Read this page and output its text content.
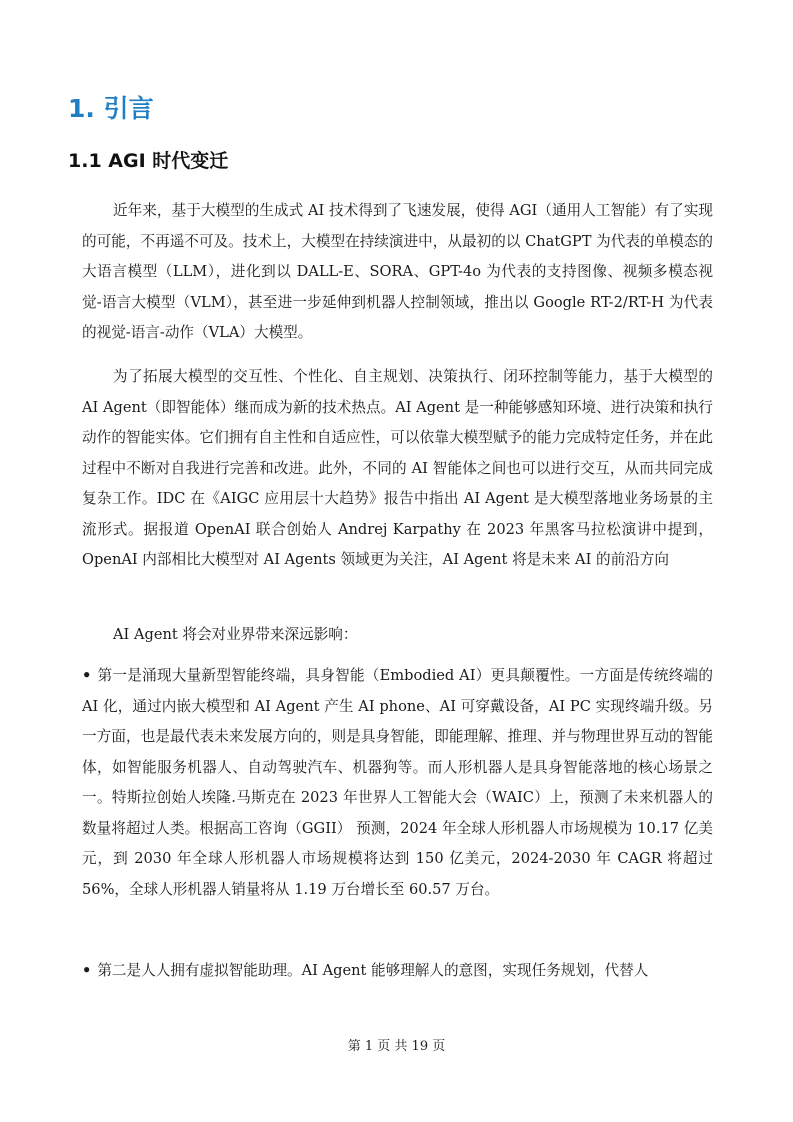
1. 引言
1.1 AGI 时代变迁

近年来，基于大模型的生成式 AI 技术得到了飞速发展，使得 AGI（通用人工智能）有了实现的可能，不再遥不可及。技术上，大模型在持续演进中，从最初的以 ChatGPT 为代表的单模态的大语言模型（LLM），进化到以 DALL-E、SORA、GPT-4o 为代表的支持图像、视频多模态视觉-语言大模型（VLM），甚至进一步延伸到机器人控制领域，推出以 Google RT-2/RT-H 为代表的视觉-语言-动作（VLA）大模型。

为了拓展大模型的交互性、个性化、自主规划、决策执行、闭环控制等能力，基于大模型的 AI Agent（即智能体）继而成为新的技术热点。AI Agent 是一种能够感知环境、进行决策和执行动作的智能实体。它们拥有自主性和自适应性，可以依靠大模型赋予的能力完成特定任务，并在此过程中不断对自我进行完善和改进。此外，不同的 AI 智能体之间也可以进行交互，从而共同完成复杂工作。IDC 在《AIGC 应用层十大趋势》报告中指出 AI Agent 是大模型落地业务场景的主流形式。据报道 OpenAI 联合创始人 Andrej Karpathy 在 2023 年黑客马拉松演讲中提到， OpenAI 内部相比大模型对 AI Agents 领域更为关注，AI Agent 将是未来 AI 的前沿方向

AI Agent 将会对业界带来深远影响：

• 第一是涌现大量新型智能终端，具身智能（Embodied AI）更具颠覆性。一方面是传统终端的 AI 化，通过内嵌大模型和 AI Agent 产生 AI phone、AI 可穿戴设备，AI PC 实现终端升级。另一方面，也是最代表未来发展方向的，则是具身智能，即能理解、推理、并与物理世界互动的智能体，如智能服务机器人、自动驾驶汽车、机器狗等。而人形机器人是具身智能落地的核心场景之一。特斯拉创始人埃隆.马斯克在 2023 年世界人工智能大会（WAIC）上，预测了未来机器人的数量将超过人类。根据高工咨询（GGII） 预测，2024 年全球人形机器人市场规模为 10.17 亿美元，到 2030 年全球人形机器人市场规模将达到 150 亿美元，2024-2030 年 CAGR 将超过 56%，全球人形机器人销量将从 1.19 万台增长至 60.57 万台。

• 第二是人人拥有虚拟智能助理。AI Agent 能够理解人的意图，实现任务规划，代替人

第 1 页 共 19 页
